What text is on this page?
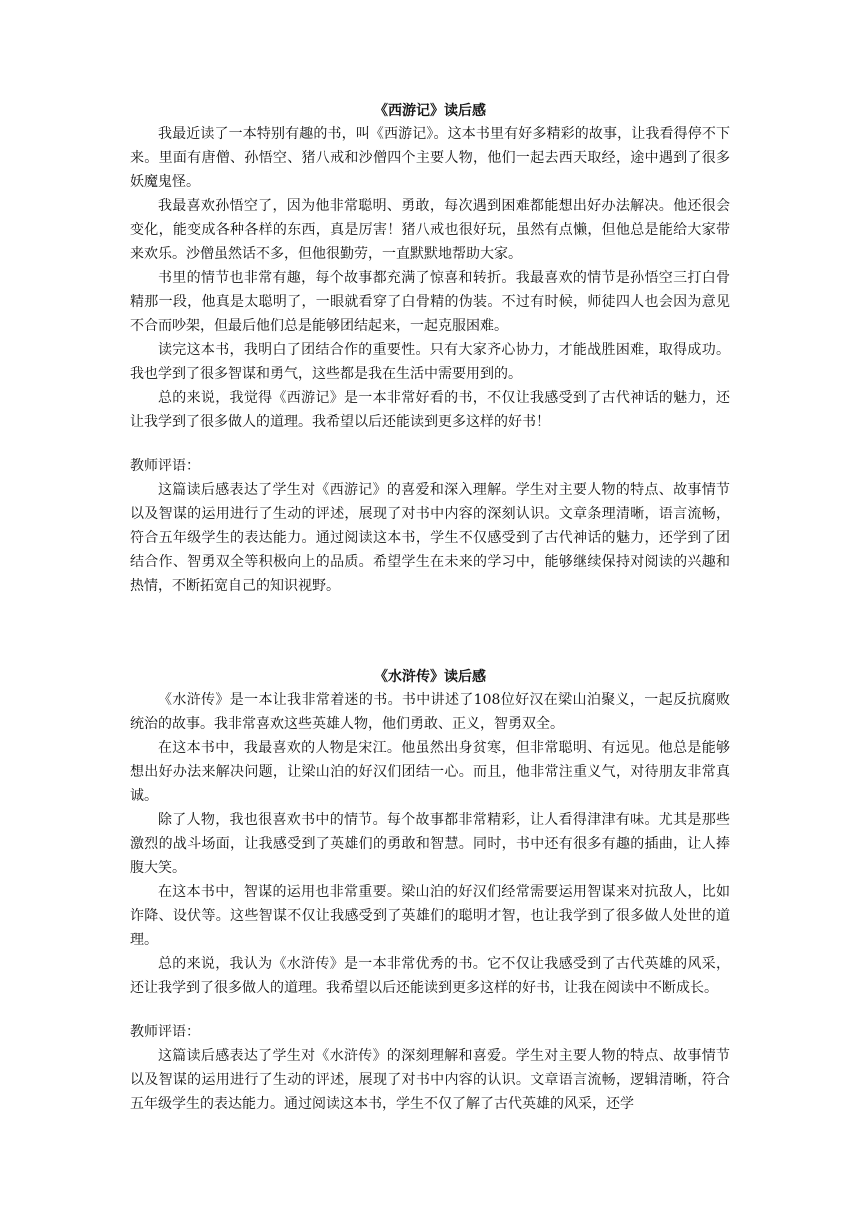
《西游记》读后感

我最近读了一本特别有趣的书，叫《西游记》。这本书里有好多精彩的故事，让我看得停不下来。里面有唐僧、孙悟空、猪八戒和沙僧四个主要人物，他们一起去西天取经，途中遇到了很多妖魔鬼怪。

我最喜欢孙悟空了，因为他非常聪明、勇敢，每次遇到困难都能想出好办法解决。他还很会变化，能变成各种各样的东西，真是厉害！猪八戒也很好玩，虽然有点懒，但他总是能给大家带来欢乐。沙僧虽然话不多，但他很勤劳，一直默默地帮助大家。

书里的情节也非常有趣，每个故事都充满了惊喜和转折。我最喜欢的情节是孙悟空三打白骨精那一段，他真是太聪明了，一眼就看穿了白骨精的伪装。不过有时候，师徒四人也会因为意见不合而吵架，但最后他们总是能够团结起来，一起克服困难。

读完这本书，我明白了团结合作的重要性。只有大家齐心协力，才能战胜困难，取得成功。我也学到了很多智谋和勇气，这些都是我在生活中需要用到的。

总的来说，我觉得《西游记》是一本非常好看的书，不仅让我感受到了古代神话的魅力，还让我学到了很多做人的道理。我希望以后还能读到更多这样的好书！

教师评语：

这篇读后感表达了学生对《西游记》的喜爱和深入理解。学生对主要人物的特点、故事情节以及智谋的运用进行了生动的评述，展现了对书中内容的深刻认识。文章条理清晰，语言流畅，符合五年级学生的表达能力。通过阅读这本书，学生不仅感受到了古代神话的魅力，还学到了团结合作、智勇双全等积极向上的品质。希望学生在未来的学习中，能够继续保持对阅读的兴趣和热情，不断拓宽自己的知识视野。

《水浒传》读后感

《水浒传》是一本让我非常着迷的书。书中讲述了108位好汉在梁山泊聚义，一起反抗腐败统治的故事。我非常喜欢这些英雄人物，他们勇敢、正义，智勇双全。

在这本书中，我最喜欢的人物是宋江。他虽然出身贫寒，但非常聪明、有远见。他总是能够想出好办法来解决问题，让梁山泊的好汉们团结一心。而且，他非常注重义气，对待朋友非常真诚。

除了人物，我也很喜欢书中的情节。每个故事都非常精彩，让人看得津津有味。尤其是那些激烈的战斗场面，让我感受到了英雄们的勇敢和智慧。同时，书中还有很多有趣的插曲，让人捧腹大笑。

在这本书中，智谋的运用也非常重要。梁山泊的好汉们经常需要运用智谋来对抗敌人，比如诈降、设伏等。这些智谋不仅让我感受到了英雄们的聪明才智，也让我学到了很多做人处世的道理。

总的来说，我认为《水浒传》是一本非常优秀的书。它不仅让我感受到了古代英雄的风采，还让我学到了很多做人的道理。我希望以后还能读到更多这样的好书，让我在阅读中不断成长。

教师评语：

这篇读后感表达了学生对《水浒传》的深刻理解和喜爱。学生对主要人物的特点、故事情节以及智谋的运用进行了生动的评述，展现了对书中内容的认识。文章语言流畅，逻辑清晰，符合五年级学生的表达能力。通过阅读这本书，学生不仅了解了古代英雄的风采，还学
